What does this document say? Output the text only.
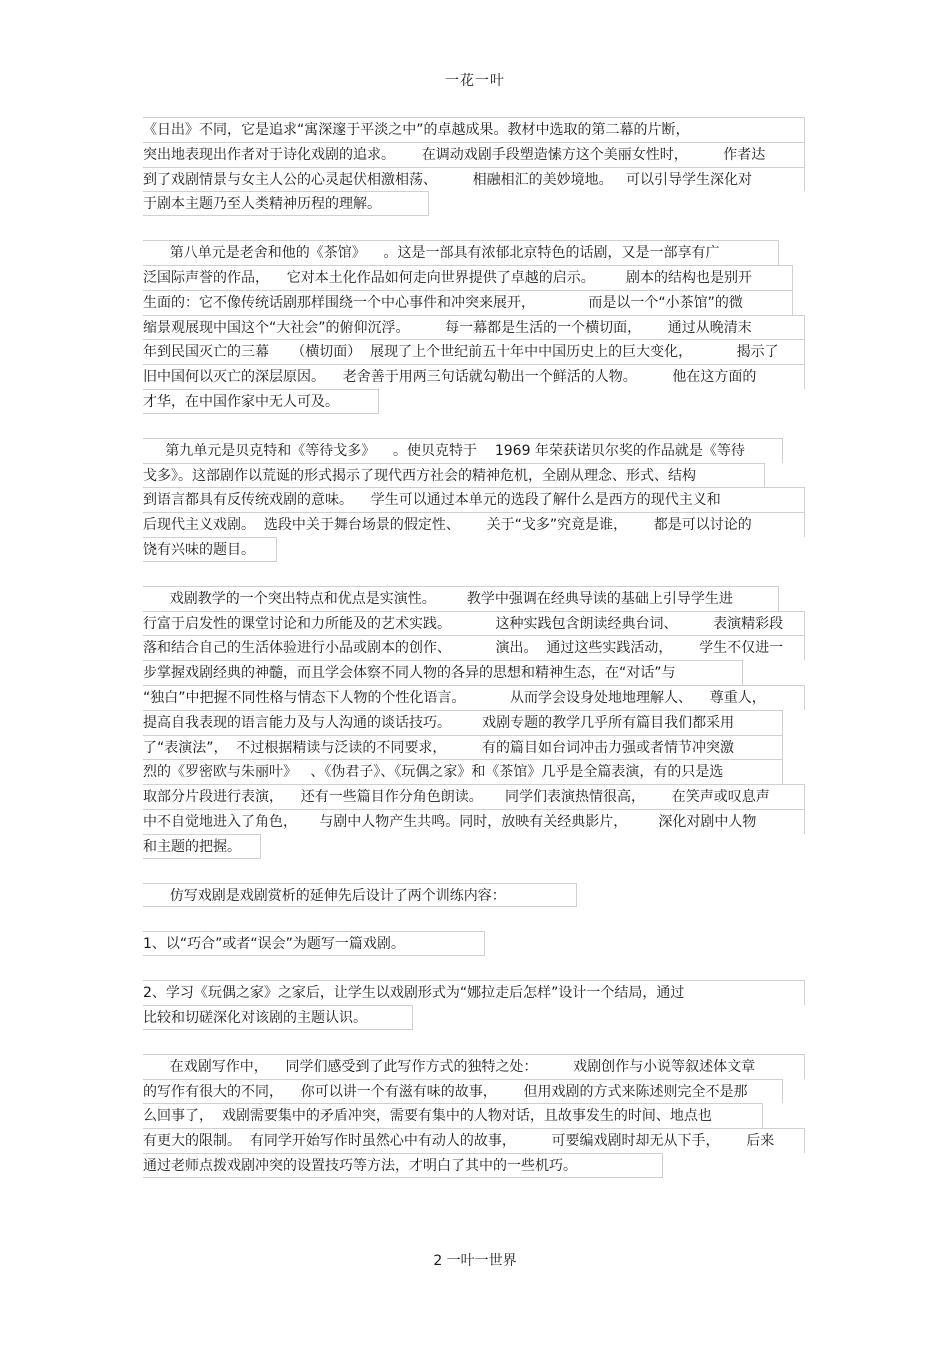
一花一叶
《日出》不同，它是追求“寓深邃于平淡之中”的卓越成果。教材中选取的第二幕的片断，
突出地表现出作者对于诗化戏剧的追求。      在调动戏剧手段塑造愫方这个美丽女性时，        作者达
到了戏剧情景与女主人公的心灵起伏相激相荡、        相融相汇的美妙境地。   可以引导学生深化对
于剧本主题乃至人类精神历程的理解。
第八单元是老舍和他的《茶馆》    。这是一部具有浓郁北京特色的话剧，又是一部享有广
泛国际声誉的作品，    它对本土化作品如何走向世界提供了卓越的启示。       剧本的结构也是别开
生面的：它不像传统话剧那样围绕一个中心事件和冲突来展开，            而是以一个“小茶馆”的微
缩景观展现中国这个“大社会”的俯仰沉浮。        每一幕都是生活的一个横切面，      通过从晚清末
年到民国灭亡的三幕     （横切面）  展现了上个世纪前五十年中中国历史上的巨大变化，          揭示了
旧中国何以灭亡的深层原因。    老舍善于用两三句话就勾勒出一个鲜活的人物。        他在这方面的
才华，在中国作家中无人可及。
第九单元是贝克特和《等待戈多》    。使贝克特于    1969 年荣获诺贝尔奖的作品就是《等待
戈多》。这部剧作以荒诞的形式揭示了现代西方社会的精神危机，全剧从理念、形式、结构
到语言都具有反传统戏剧的意味。    学生可以通过本单元的选段了解什么是西方的现代主义和
后现代主义戏剧。  选段中关于舞台场景的假定性、      关于“戈多”究竟是谁，      都是可以讨论的
饶有兴味的题目。
戏剧教学的一个突出特点和优点是实演性。       教学中强调在经典导读的基础上引导学生进
行富于启发性的课堂讨论和力所能及的艺术实践。          这种实践包含朗读经典台词、        表演精彩段
落和结合自己的生活体验进行小品或剧本的创作、          演出。  通过这些实践活动，      学生不仅进一
步掌握戏剧经典的神髓，而且学会体察不同人物的各异的思想和精神生态，在“对话”与
“独白”中把握不同性格与情态下人物的个性化语言。          从而学会设身处地地理解人、    尊重人，
提高自我表现的语言能力及与人沟通的谈话技巧。       戏剧专题的教学几乎所有篇目我们都采用
了“表演法”，  不过根据精读与泛读的不同要求，        有的篇目如台词冲击力强或者情节冲突激
烈的《罗密欧与朱丽叶》   、《伪君子》、《玩偶之家》和《茶馆》几乎是全篇表演，有的只是选
取部分片段进行表演，    还有一些篇目作分角色朗读。     同学们表演热情很高，      在笑声或叹息声
中不自觉地进入了角色，     与剧中人物产生共鸣。同时，放映有关经典影片，       深化对剧中人物
和主题的把握。
仿写戏剧是戏剧赏析的延伸先后设计了两个训练内容：
1、以“巧合”或者“误会”为题写一篇戏剧。
2、学习《玩偶之家》之家后，让学生以戏剧形式为“娜拉走后怎样”设计一个结局，通过
比较和切磋深化对该剧的主题认识。
在戏剧写作中，    同学们感受到了此写作方式的独特之处：        戏剧创作与小说等叙述体文章
的写作有很大的不同，    你可以讲一个有滋有味的故事，      但用戏剧的方式来陈述则完全不是那
么回事了，  戏剧需要集中的矛盾冲突，需要有集中的人物对话，且故事发生的时间、地点也
有更大的限制。  有同学开始写作时虽然心中有动人的故事，        可要编戏剧时却无从下手，      后来
通过老师点拨戏剧冲突的设置技巧等方法，才明白了其中的一些机巧。
2 一叶一世界
